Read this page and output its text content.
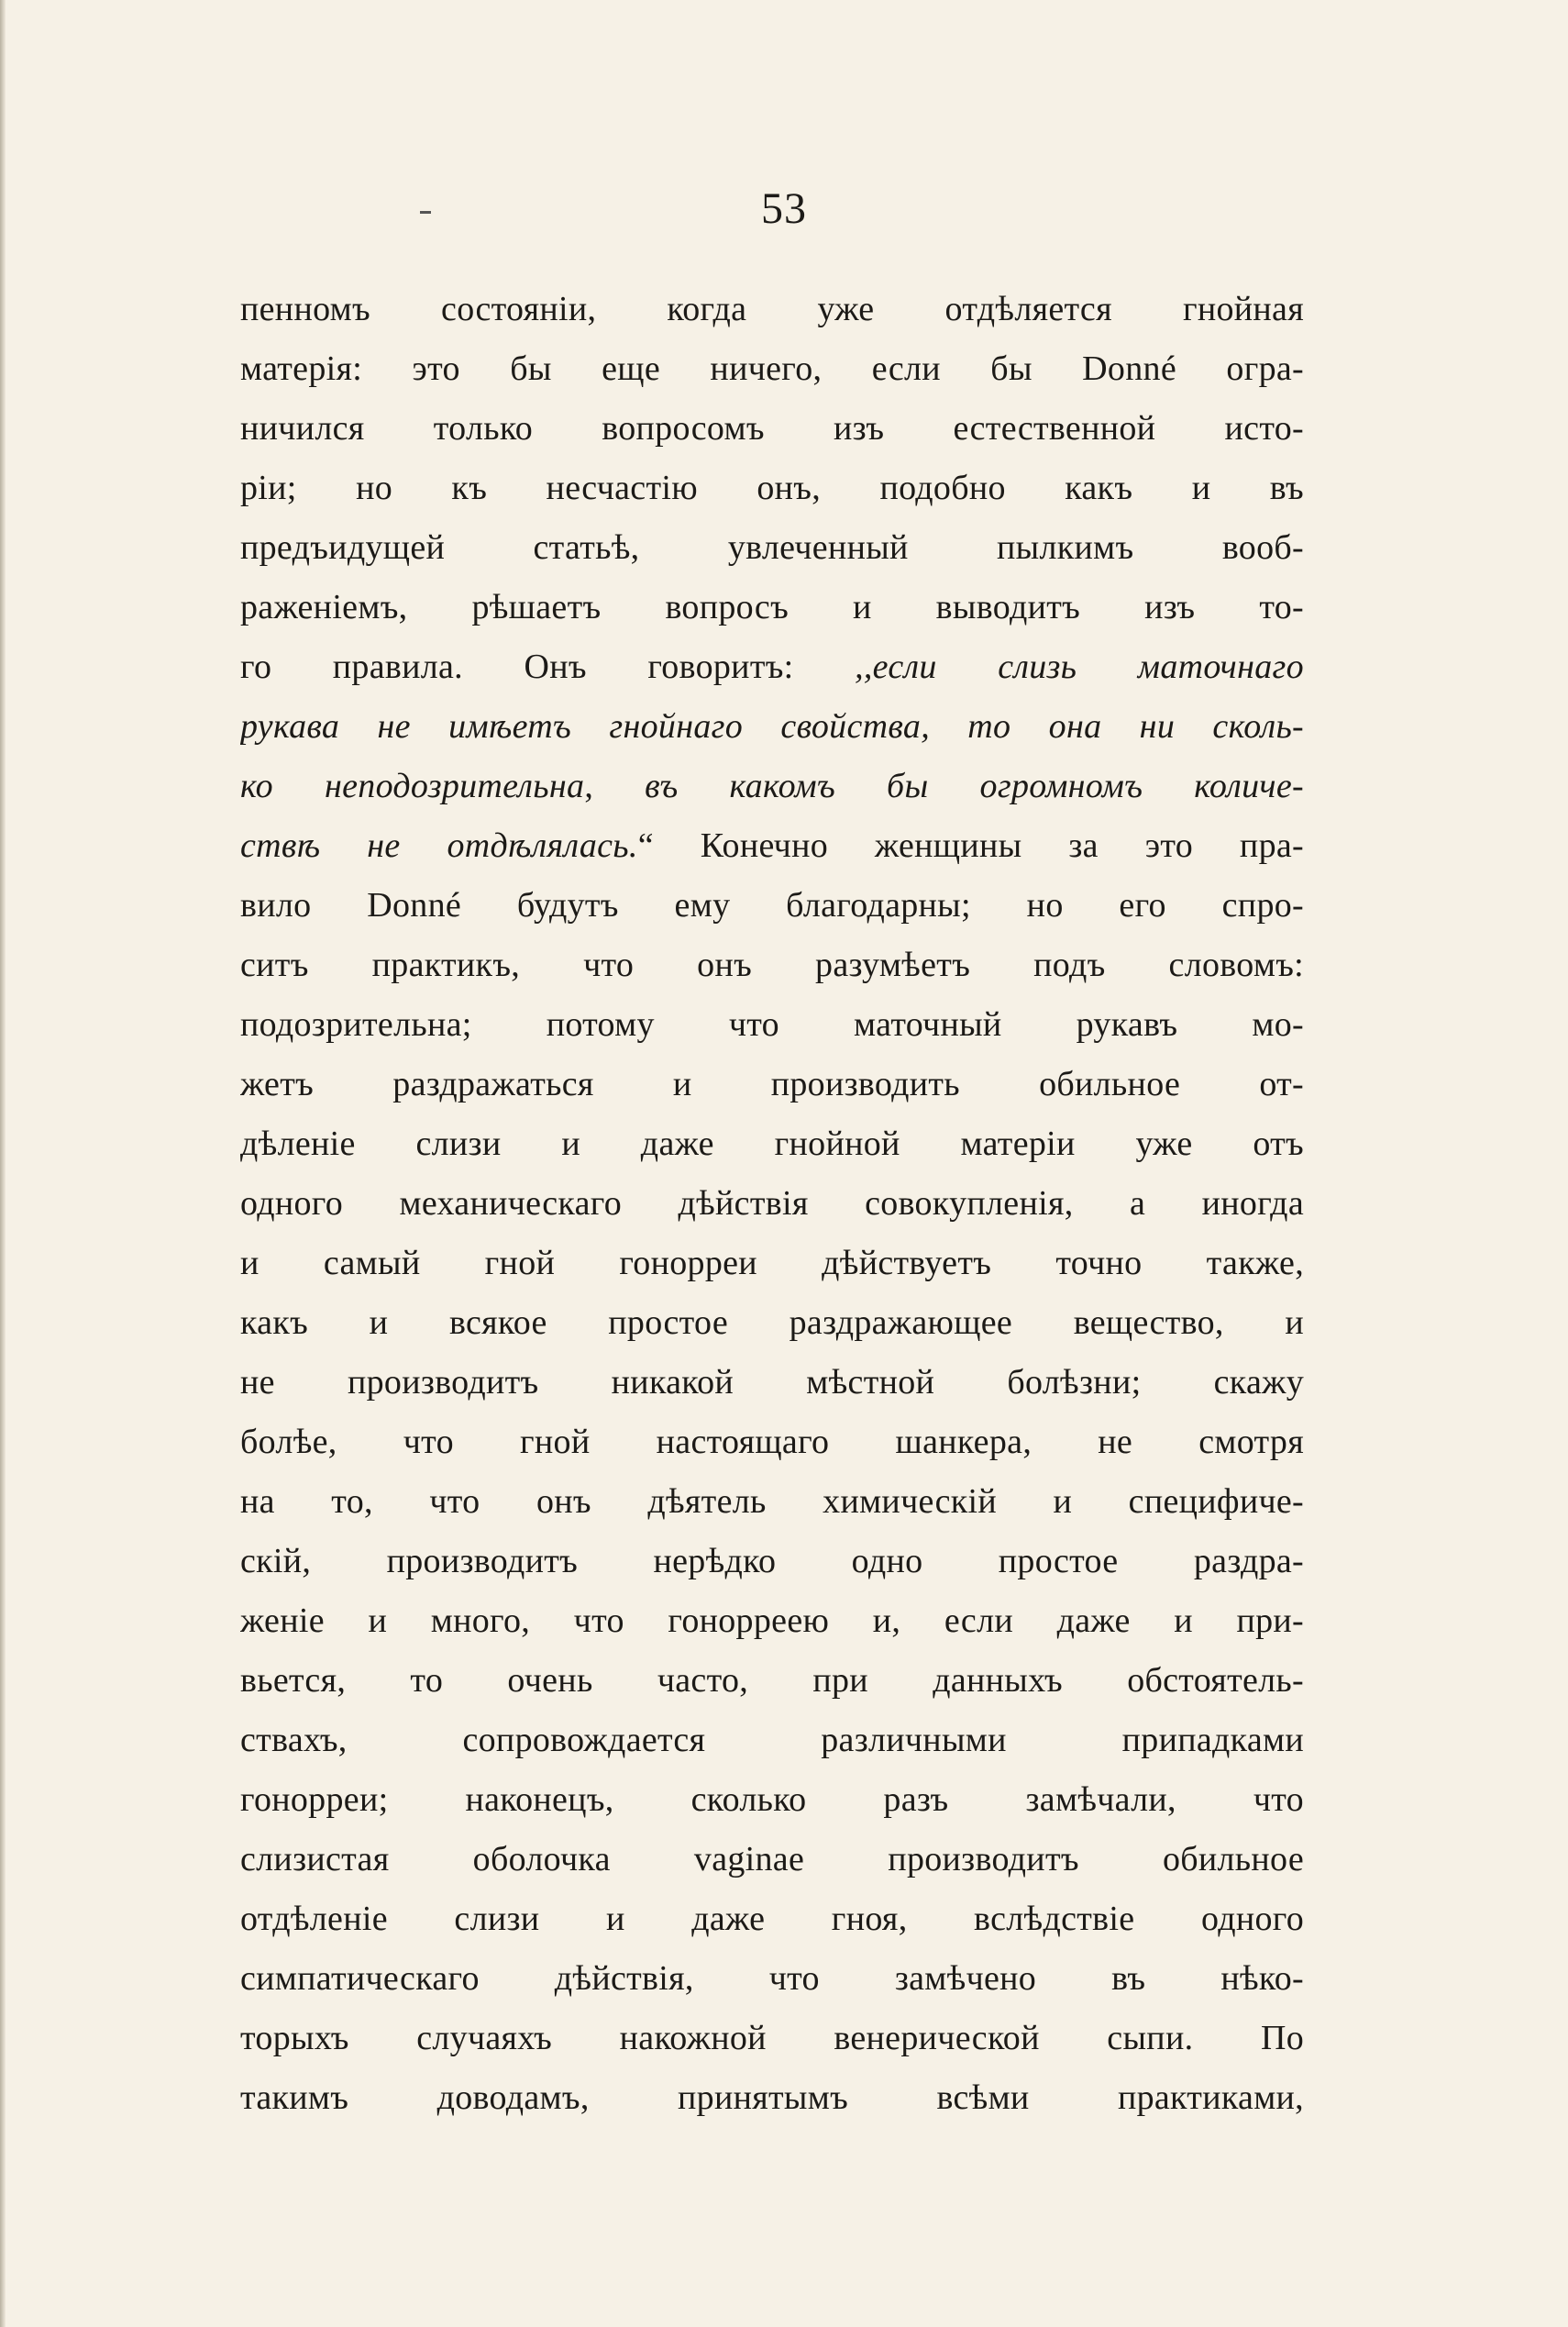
53
пенномъ состоянiи, когда уже отдѣляется гнойная
матерiя: это бы еще ничего, если бы Donné огра-
ничился только вопросомъ изъ естественной исто-
рiи; но къ несчастiю онъ, подобно какъ и въ
предъидущей статьѣ, увлеченный пылкимъ вооб-
раженiемъ, рѣшаетъ вопросъ и выводитъ изъ то-
го правила. Онъ говоритъ: ,,если слизь маточнаго
рукава не имѣетъ гнойнаго свойства, то она ни сколь-
ко неподозрительна, въ какомъ бы огромномъ количе-
ствѣ не отдѣлялась.“ Конечно женщины за это пра-
вило Donné будутъ ему благодарны; но его спро-
ситъ практикъ, что онъ разумѣетъ подъ словомъ:
подозрительна; потому что маточный рукавъ мо-
жетъ раздражаться и производить обильное от-
дѣленiе слизи и даже гнойной матерiи уже отъ
одного механическаго дѣйствiя совокупленiя, а иногда
и самый гной гонорреи дѣйствуетъ точно также,
какъ и всякое простое раздражающее вещество, и
не производитъ никакой мѣстной болѣзни; скажу
болѣе, что гной настоящаго шанкера, не смотря
на то, что онъ дѣятель химическiй и специфиче-
скiй, производитъ нерѣдко одно простое раздра-
женiе и много, что гонорреею и, если даже и при-
вьется, то очень часто, при данныхъ обстоятель-
ствахъ, сопровождается различными припадками
гонорреи; наконецъ, сколько разъ замѣчали, что
слизистая оболочка vaginae производитъ обильное
отдѣленiе слизи и даже гноя, вслѣдствiе одного
симпатическаго дѣйствiя, что замѣчено въ нѣко-
торыхъ случаяхъ накожной венерической сыпи. По
такимъ доводамъ, принятымъ всѣми практиками,
